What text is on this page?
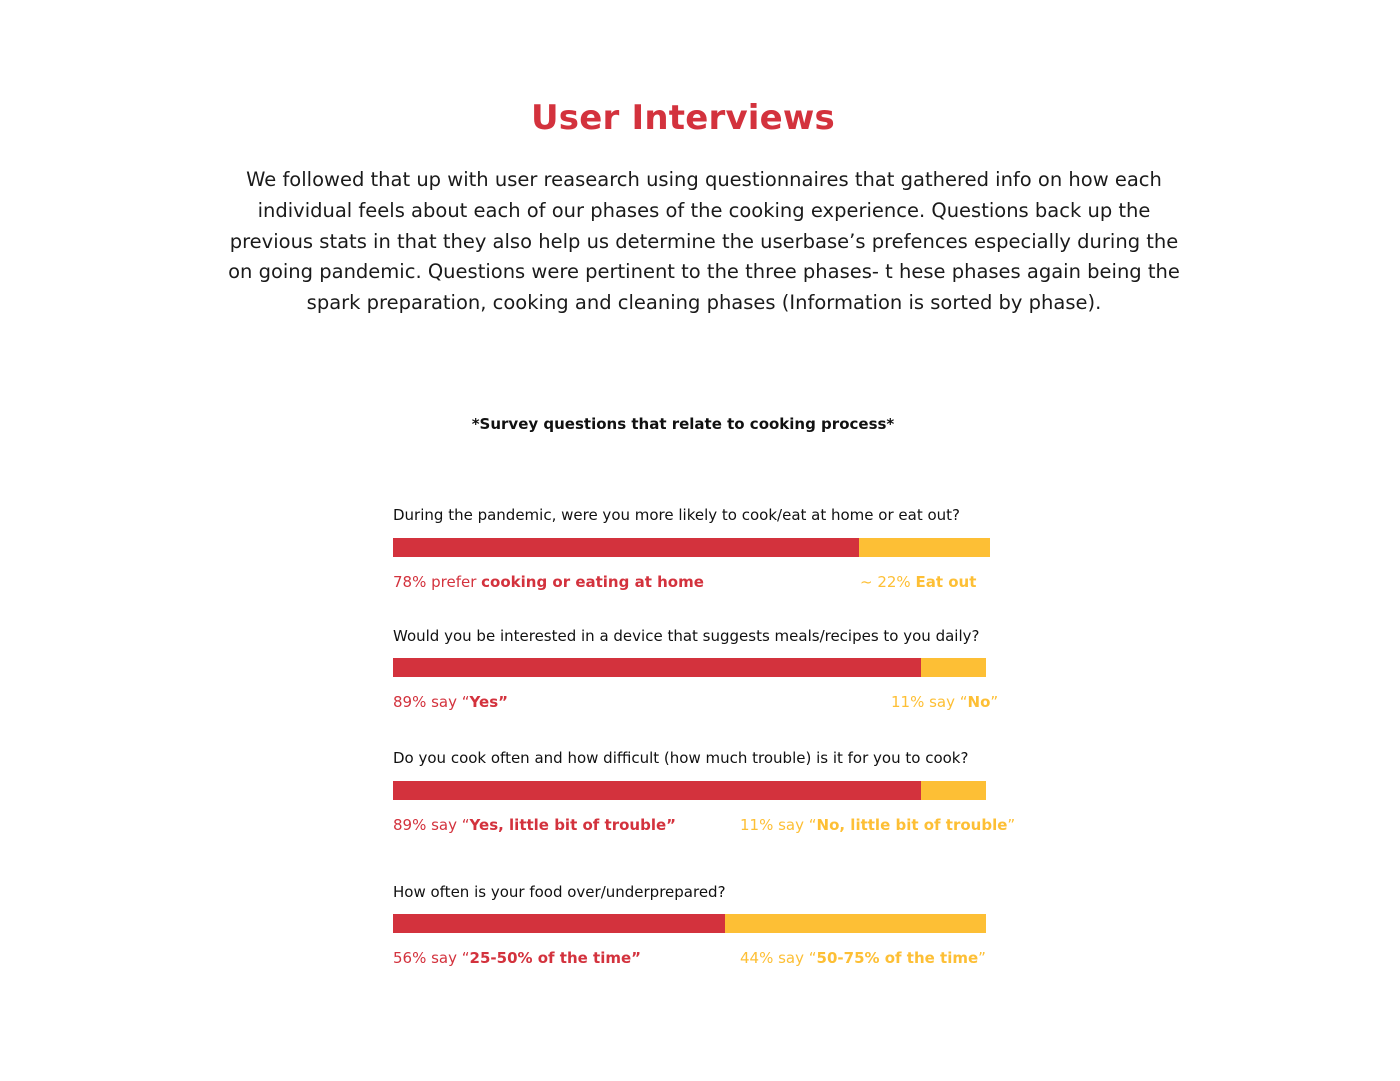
User Interviews

We followed that up with user reasearch using questionnaires that gathered info on how each individual feels about each of our phases of the cooking experience. Questions back up the previous stats in that they also help us determine the userbase’s prefences especially during the on going pandemic. Questions were pertinent to the three phases- t hese phases again being the spark preparation, cooking and cleaning phases (Information is sorted by phase).

*Survey questions that relate to cooking process*

During the pandemic, were you more likely to cook/eat at home or eat out?
78% prefer cooking or eating at home	~ 22% Eat out
Would you be interested in a device that suggests meals/recipes to you daily?
89% say “Yes”	11% say “No”
Do you cook often and how difficult (how much trouble) is it for you to cook?
89% say “Yes, little bit of trouble”	11% say “No, little bit of trouble”
How often is your food over/underprepared?
56% say “25-50% of the time”	44% say “50-75% of the time”
